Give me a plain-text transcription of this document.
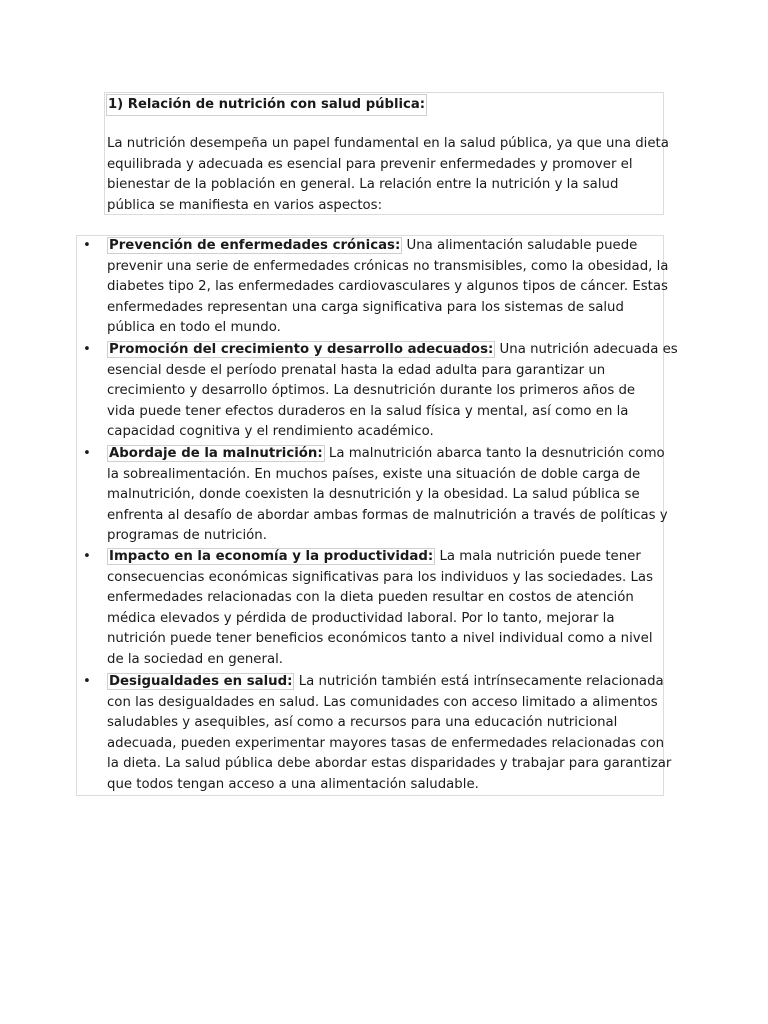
1) Relación de nutrición con salud pública:
La nutrición desempeña un papel fundamental en la salud pública, ya que una dieta
equilibrada y adecuada es esencial para prevenir enfermedades y promover el
bienestar de la población en general. La relación entre la nutrición y la salud
pública se manifiesta en varios aspectos:
• Prevención de enfermedades crónicas: Una alimentación saludable puede
prevenir una serie de enfermedades crónicas no transmisibles, como la obesidad, la
diabetes tipo 2, las enfermedades cardiovasculares y algunos tipos de cáncer. Estas
enfermedades representan una carga significativa para los sistemas de salud
pública en todo el mundo.
• Promoción del crecimiento y desarrollo adecuados: Una nutrición adecuada es
esencial desde el período prenatal hasta la edad adulta para garantizar un
crecimiento y desarrollo óptimos. La desnutrición durante los primeros años de
vida puede tener efectos duraderos en la salud física y mental, así como en la
capacidad cognitiva y el rendimiento académico.
• Abordaje de la malnutrición: La malnutrición abarca tanto la desnutrición como
la sobrealimentación. En muchos países, existe una situación de doble carga de
malnutrición, donde coexisten la desnutrición y la obesidad. La salud pública se
enfrenta al desafío de abordar ambas formas de malnutrición a través de políticas y
programas de nutrición.
• Impacto en la economía y la productividad: La mala nutrición puede tener
consecuencias económicas significativas para los individuos y las sociedades. Las
enfermedades relacionadas con la dieta pueden resultar en costos de atención
médica elevados y pérdida de productividad laboral. Por lo tanto, mejorar la
nutrición puede tener beneficios económicos tanto a nivel individual como a nivel
de la sociedad en general.
• Desigualdades en salud: La nutrición también está intrínsecamente relacionada
con las desigualdades en salud. Las comunidades con acceso limitado a alimentos
saludables y asequibles, así como a recursos para una educación nutricional
adecuada, pueden experimentar mayores tasas de enfermedades relacionadas con
la dieta. La salud pública debe abordar estas disparidades y trabajar para garantizar
que todos tengan acceso a una alimentación saludable.
